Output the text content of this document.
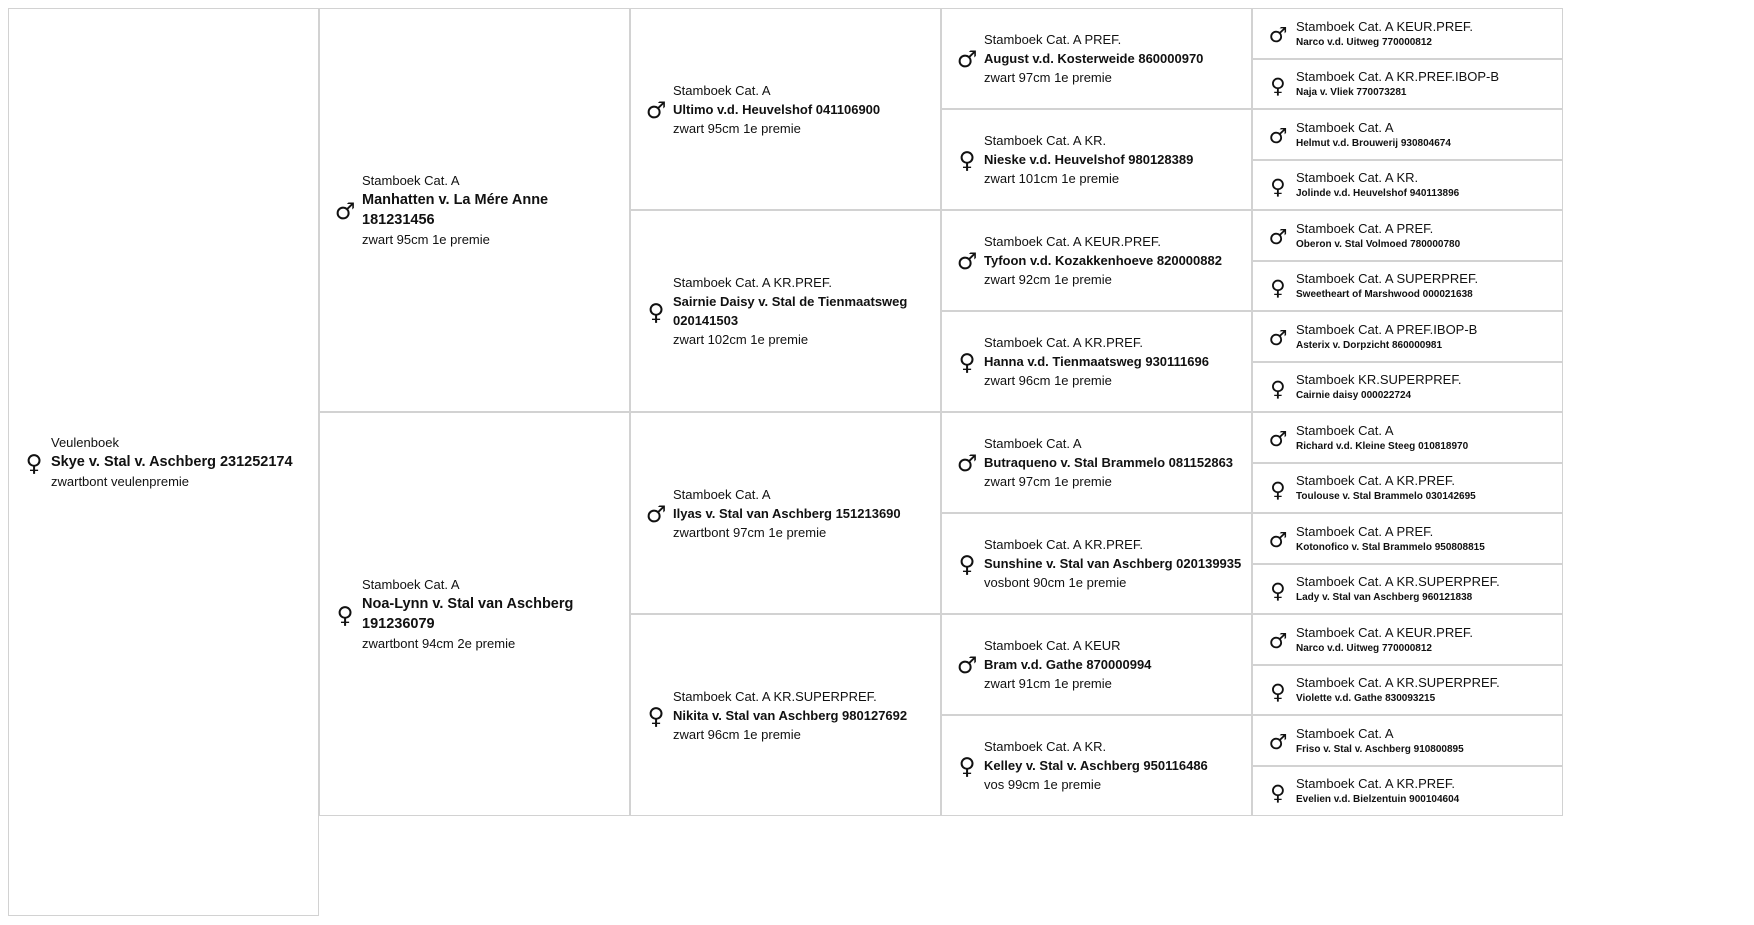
♀
Veulenboek
Skye v. Stal v. Aschberg 231252174
zwartbont veulenpremie
♂
Stamboek Cat. A
Manhatten v. La Mére Anne 181231456
zwart 95cm 1e premie
♀
Stamboek Cat. A
Noa-Lynn v. Stal van Aschberg 191236079
zwartbont 94cm 2e premie
♂
Stamboek Cat. A
Ultimo v.d. Heuvelshof 041106900
zwart 95cm 1e premie
♀
Stamboek Cat. A KR.PREF.
Sairnie Daisy v. Stal de Tienmaatsweg 020141503
zwart 102cm 1e premie
♂
Stamboek Cat. A
Ilyas v. Stal van Aschberg 151213690
zwartbont 97cm 1e premie
♀
Stamboek Cat. A KR.SUPERPREF.
Nikita v. Stal van Aschberg 980127692
zwart 96cm 1e premie
♂
Stamboek Cat. A PREF.
August v.d. Kosterweide 860000970
zwart 97cm 1e premie
♀
Stamboek Cat. A KR.
Nieske v.d. Heuvelshof 980128389
zwart 101cm 1e premie
♂
Stamboek Cat. A KEUR.PREF.
Tyfoon v.d. Kozakkenhoeve 820000882
zwart 92cm 1e premie
♀
Stamboek Cat. A KR.PREF.
Hanna v.d. Tienmaatsweg 930111696
zwart 96cm 1e premie
♂
Stamboek Cat. A
Butraqueno v. Stal Brammelo 081152863
zwart 97cm 1e premie
♀
Stamboek Cat. A KR.PREF.
Sunshine v. Stal van Aschberg 020139935
vosbont 90cm 1e premie
♂
Stamboek Cat. A KEUR
Bram v.d. Gathe 870000994
zwart 91cm 1e premie
♀
Stamboek Cat. A KR.
Kelley v. Stal v. Aschberg 950116486
vos 99cm 1e premie
♂ Stamboek Cat. A KEUR.PREF.
Narco v.d. Uitweg 770000812
♀ Stamboek Cat. A KR.PREF.IBOP-B
Naja v. Vliek 770073281
♂ Stamboek Cat. A
Helmut v.d. Brouwerij 930804674
♀ Stamboek Cat. A KR.
Jolinde v.d. Heuvelshof 940113896
♂ Stamboek Cat. A PREF.
Oberon v. Stal Volmoed 780000780
♀ Stamboek Cat. A SUPERPREF.
Sweetheart of Marshwood 000021638
♂ Stamboek Cat. A PREF.IBOP-B
Asterix v. Dorpzicht 860000981
♀ Stamboek KR.SUPERPREF.
Cairnie daisy 000022724
♂ Stamboek Cat. A
Richard v.d. Kleine Steeg 010818970
♀ Stamboek Cat. A KR.PREF.
Toulouse v. Stal Brammelo 030142695
♂ Stamboek Cat. A PREF.
Kotonofico v. Stal Brammelo 950808815
♀ Stamboek Cat. A KR.SUPERPREF.
Lady v. Stal van Aschberg 960121838
♂ Stamboek Cat. A KEUR.PREF.
Narco v.d. Uitweg 770000812
♀ Stamboek Cat. A KR.SUPERPREF.
Violette v.d. Gathe 830093215
♂ Stamboek Cat. A
Friso v. Stal v. Aschberg 910800895
♀ Stamboek Cat. A KR.PREF.
Evelien v.d. Bielzentuin 900104604
